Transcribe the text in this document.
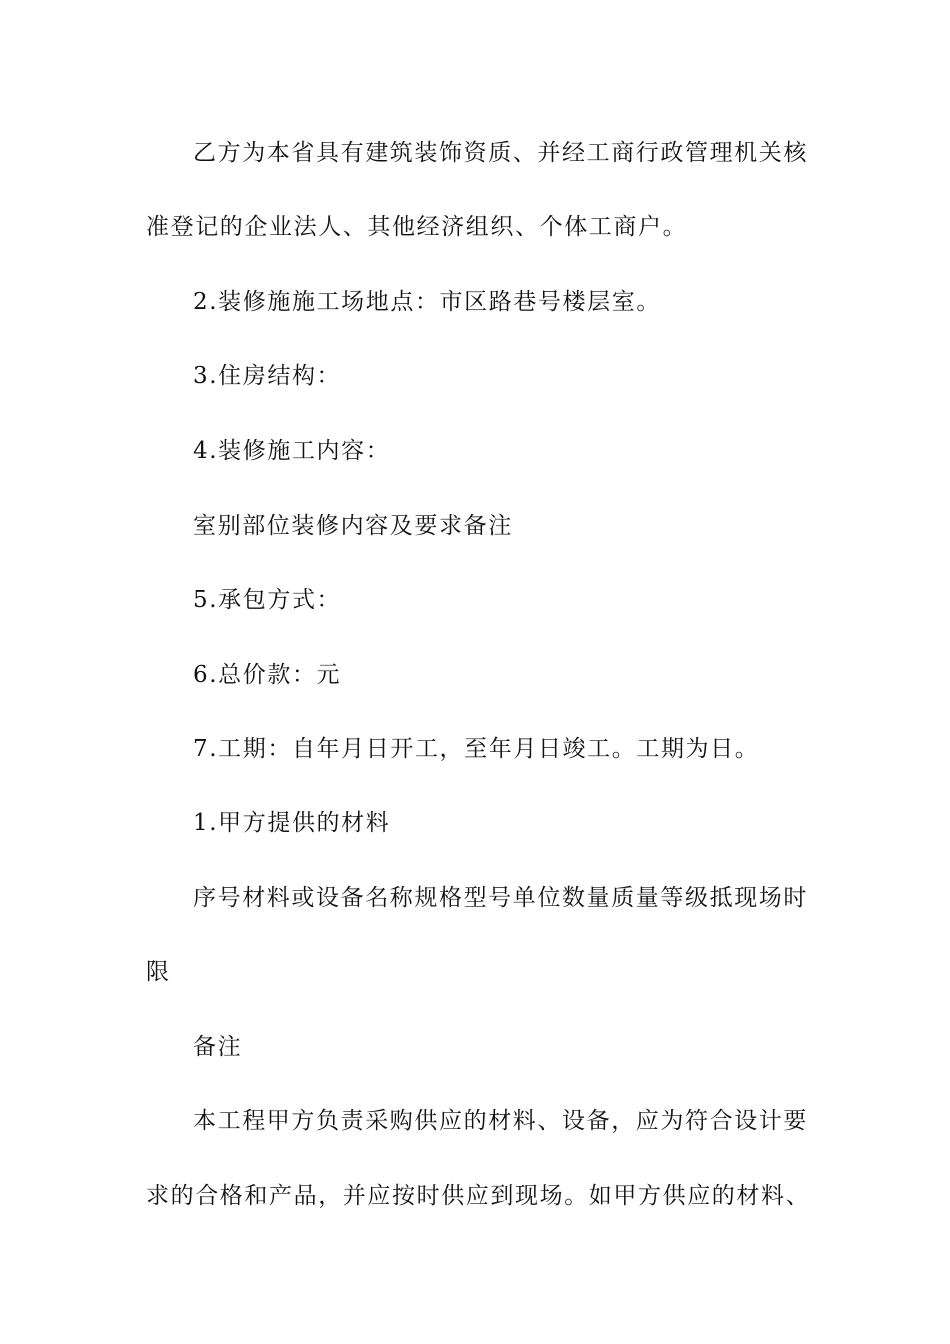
乙方为本省具有建筑装饰资质、并经工商行政管理机关核
准登记的企业法人、其他经济组织、个体工商户。
2.装修施施工场地点：市区路巷号楼层室。
3.住房结构：
4.装修施工内容：
室别部位装修内容及要求备注
5.承包方式：
6.总价款：元
7.工期：自年月日开工，至年月日竣工。工期为日。
1.甲方提供的材料
序号材料或设备名称规格型号单位数量质量等级抵现场时
限
备注
本工程甲方负责采购供应的材料、设备，应为符合设计要
求的合格和产品，并应按时供应到现场。如甲方供应的材料、
